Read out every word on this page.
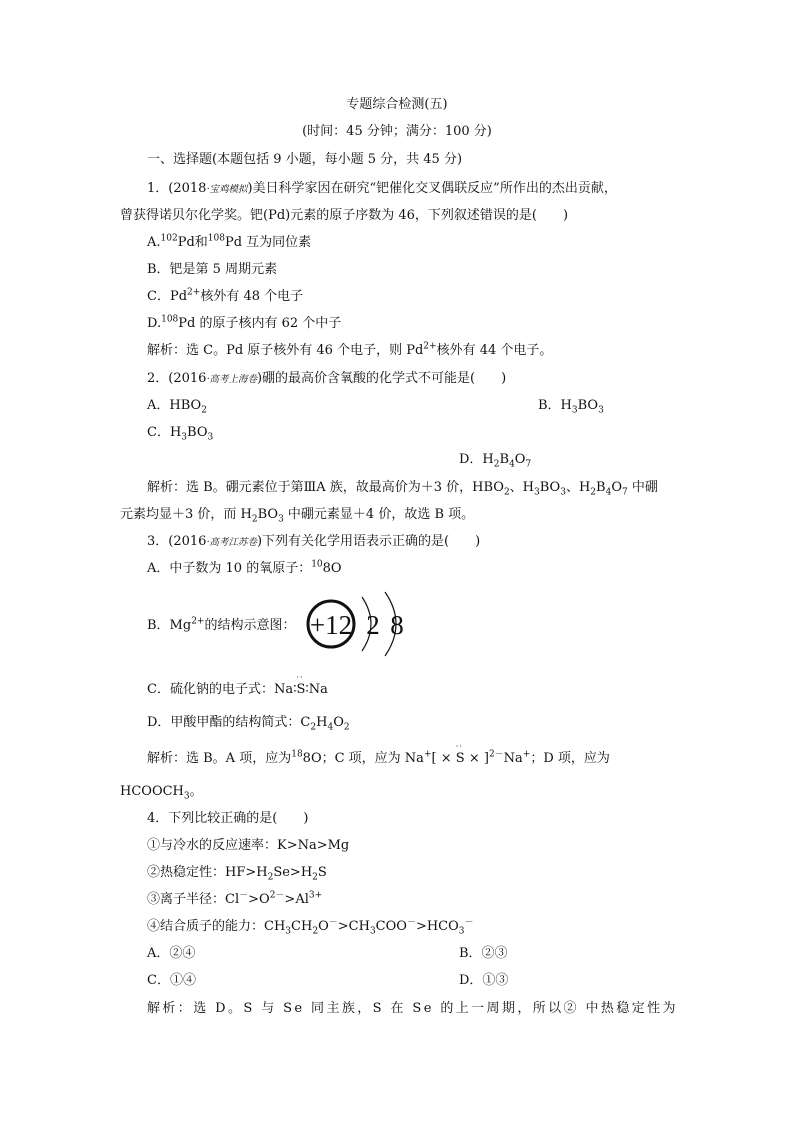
专题综合检测(五)
(时间：45 分钟；满分：100 分)
一、选择题(本题包括 9 小题，每小题 5 分，共 45 分)
1．(2018·宝鸡模拟)美日科学家因在研究“钯催化交叉偶联反应”所作出的杰出贡献，
曾获得诺贝尔化学奖。钯(Pd)元素的原子序数为 46，下列叙述错误的是(　　)
A.$^{102}$Pd和$^{108}$Pd 互为同位素
B．钯是第 5 周期元素
C．$Pd^{2+}$核外有 48 个电子
D.$^{108}$Pd 的原子核内有 62 个中子
解析：选 C。Pd 原子核外有 46 个电子，则 $Pd^{2+}$核外有 44 个电子。
2．(2016·高考上海卷)硼的最高价含氧酸的化学式不可能是(　　)
A．$HBO_2$	B．$H_3BO_3$
C．$H_3BO_3$
D．$H_2B_4O_7$
解析：选 B。硼元素位于第ⅢA 族，故最高价为＋3 价，$HBO_2$、$H_3BO_3$、$H_2B_4O_7$ 中硼
元素均显＋3 价，而 $H_2BO_3$ 中硼元素显＋4 价，故选 B 项。
3．(2016·高考江苏卷)下列有关化学用语表示正确的是(　　)
A．中子数为 10 的氧原子：$^{10}$8O
B．$Mg^{2+}$的结构示意图： +12 2 8
C．硫化钠的电子式：Na∶
··
S∶Na
D．甲酸甲酯的结构简式：$C_2H_4O_2$
解析：选 B。A 项，应为$^{18}$8O；C 项，应为 Na+[ ×
··
S × ]$^{2-}$Na+；D 项，应为
$HCOOCH_3$。
4．下列比较正确的是(　　)
①与冷水的反应速率：K>Na>Mg
②热稳定性：$HF>H_2Se>H_2S$
③离子半径：$Cl^->O^{2-}>Al^{3+}$
④结合质子的能力：$CH_3CH_2O^->CH_3COO^->HCO_3^-$
A．②④	B．②③
C．①④	D．①③
解析：选 D。S 与 Se 同主族，S 在 Se 的上一周期，所以② 中热稳定性为
